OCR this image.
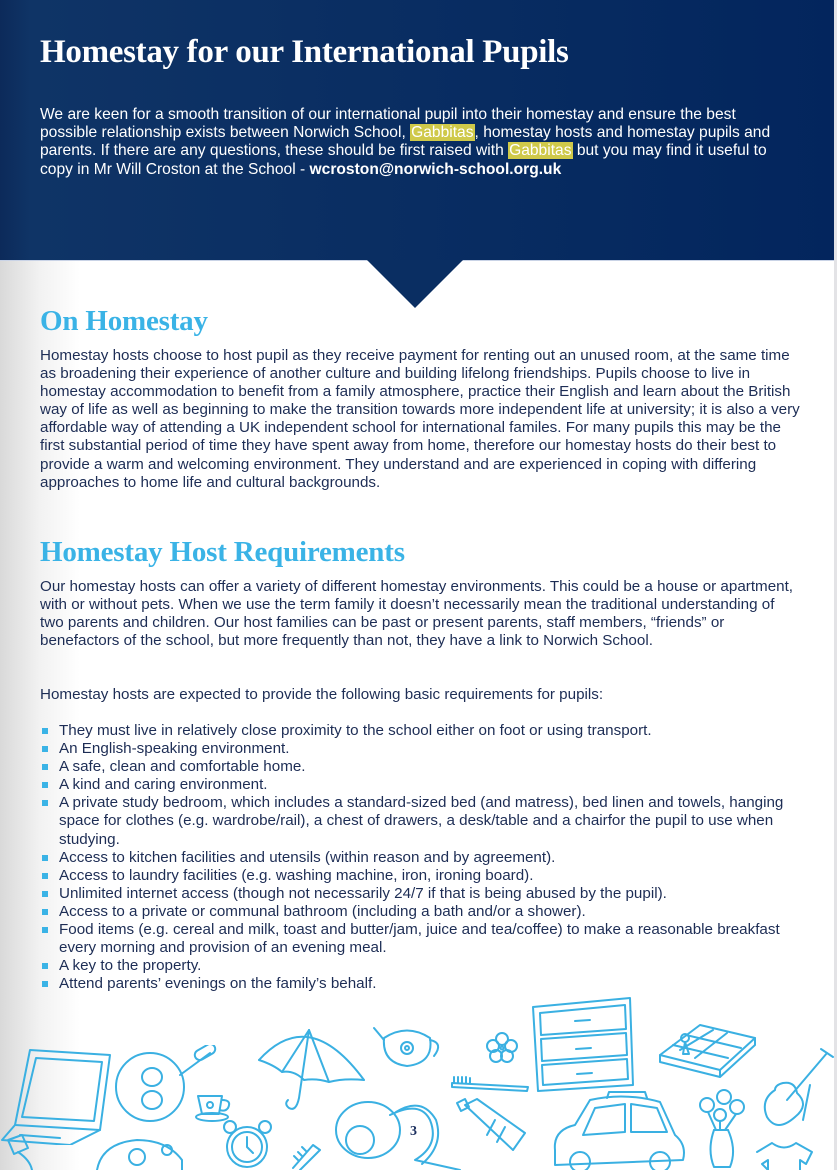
Homestay for our International Pupils

We are keen for a smooth transition of our international pupil into their homestay and ensure the best possible relationship exists between Norwich School, Gabbitas, homestay hosts and homestay pupils and parents. If there are any questions, these should be first raised with Gabbitas but you may find it useful to copy in Mr Will Croston at the School - wcroston@norwich-school.org.uk

On Homestay

Homestay hosts choose to host pupil as they receive payment for renting out an unused room, at the same time as broadening their experience of another culture and building lifelong friendships. Pupils choose to live in homestay accommodation to benefit from a family atmosphere, practice their English and learn about the British way of life as well as beginning to make the transition towards more independent life at university; it is also a very affordable way of attending a UK independent school for international familes. For many pupils this may be the first substantial period of time they have spent away from home, therefore our homestay hosts do their best to provide a warm and welcoming environment. They understand and are experienced in coping with differing approaches to home life and cultural backgrounds.

Homestay Host Requirements

Our homestay hosts can offer a variety of different homestay environments. This could be a house or apartment, with or without pets. When we use the term family it doesn’t necessarily mean the traditional understanding of two parents and children. Our host families can be past or present parents, staff members, “friends” or benefactors of the school, but more frequently than not, they have a link to Norwich School.

Homestay hosts are expected to provide the following basic requirements for pupils:

They must live in relatively close proximity to the school either on foot or using transport.
An English-speaking environment.
A safe, clean and comfortable home.
A kind and caring environment.
A private study bedroom, which includes a standard-sized bed (and matress), bed linen and towels, hanging space for clothes (e.g. wardrobe/rail), a chest of drawers, a desk/table and a chairfor the pupil to use when studying.
Access to kitchen facilities and utensils (within reason and by agreement).
Access to laundry facilities (e.g. washing machine, iron, ironing board).
Unlimited internet access (though not necessarily 24/7 if that is being abused by the pupil).
Access to a private or communal bathroom (including a bath and/or a shower).
Food items (e.g. cereal and milk, toast and butter/jam, juice and tea/coffee) to make a reasonable breakfast every morning and provision of an evening meal.
A key to the property.
Attend parents’ evenings on the family’s behalf.
3
